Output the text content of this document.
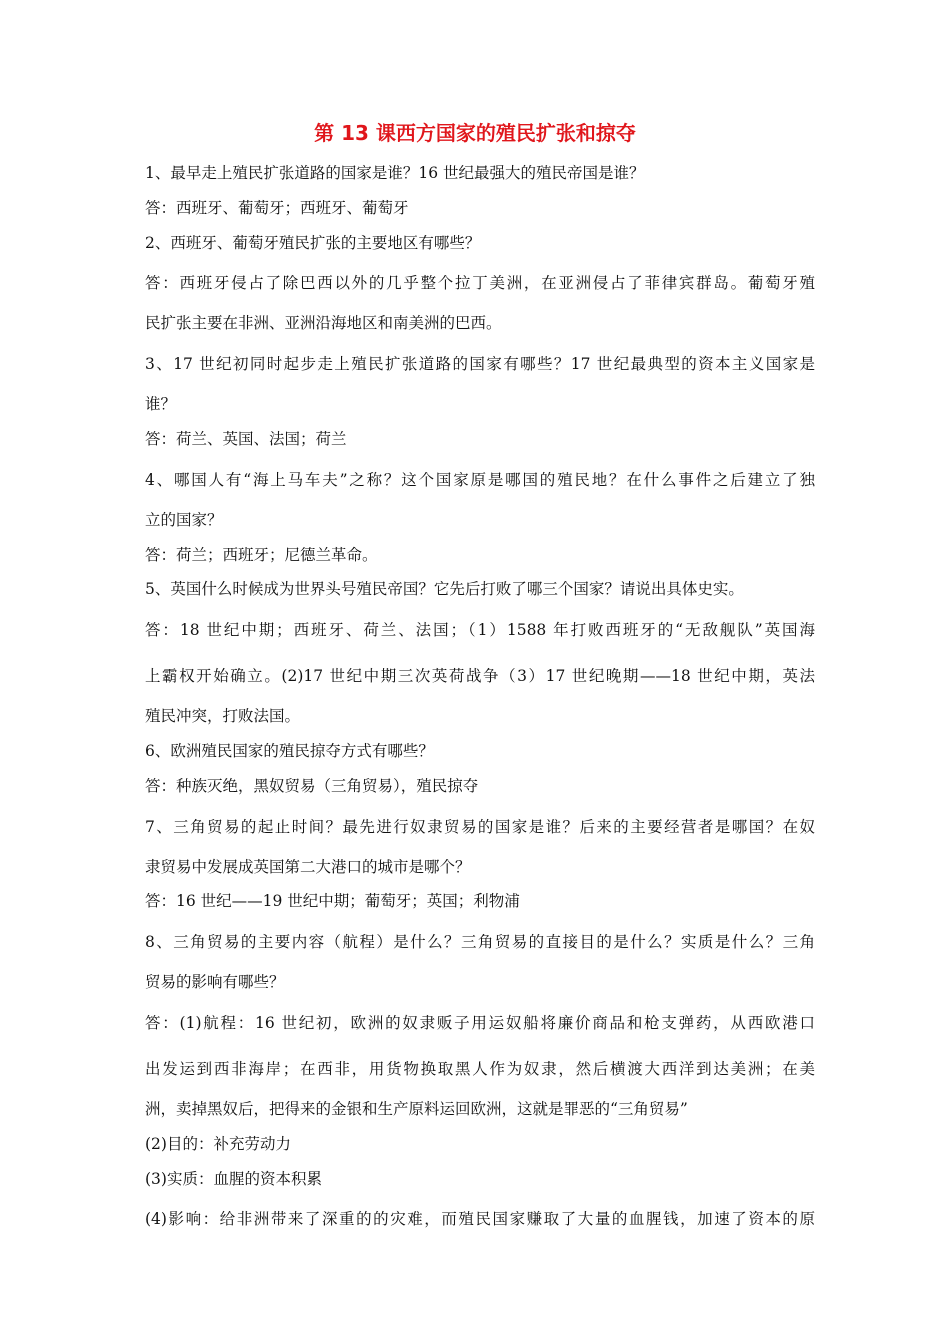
第 13 课西方国家的殖民扩张和掠夺
1、最早走上殖民扩张道路的国家是谁？16 世纪最强大的殖民帝国是谁？
答：西班牙、葡萄牙；西班牙、葡萄牙
2、西班牙、葡萄牙殖民扩张的主要地区有哪些？
答：西班牙侵占了除巴西以外的几乎整个拉丁美洲，在亚洲侵占了菲律宾群岛。葡萄牙殖
民扩张主要在非洲、亚洲沿海地区和南美洲的巴西。
3、17 世纪初同时起步走上殖民扩张道路的国家有哪些？17 世纪最典型的资本主义国家是
谁？
答：荷兰、英国、法国；荷兰
4、哪国人有“海上马车夫”之称？这个国家原是哪国的殖民地？在什么事件之后建立了独
立的国家？
答：荷兰；西班牙；尼德兰革命。
5、英国什么时候成为世界头号殖民帝国？它先后打败了哪三个国家？请说出具体史实。
答：18 世纪中期；西班牙、荷兰、法国；（1）1588 年打败西班牙的“无敌舰队”英国海
上霸权开始确立。(2)17 世纪中期三次英荷战争（3）17 世纪晚期——18 世纪中期，英法
殖民冲突，打败法国。
6、欧洲殖民国家的殖民掠夺方式有哪些？
答：种族灭绝，黑奴贸易（三角贸易），殖民掠夺
7、三角贸易的起止时间？最先进行奴隶贸易的国家是谁？后来的主要经营者是哪国？在奴
隶贸易中发展成英国第二大港口的城市是哪个？
答：16 世纪——19 世纪中期；葡萄牙；英国；利物浦
8、三角贸易的主要内容（航程）是什么？三角贸易的直接目的是什么？实质是什么？三角
贸易的影响有哪些？
答：(1)航程：16 世纪初，欧洲的奴隶贩子用运奴船将廉价商品和枪支弹药，从西欧港口
出发运到西非海岸；在西非，用货物换取黑人作为奴隶，然后横渡大西洋到达美洲；在美
洲，卖掉黑奴后，把得来的金银和生产原料运回欧洲，这就是罪恶的“三角贸易”
(2)目的：补充劳动力
(3)实质：血腥的资本积累
(4)影响：给非洲带来了深重的的灾难，而殖民国家赚取了大量的血腥钱，加速了资本的原
